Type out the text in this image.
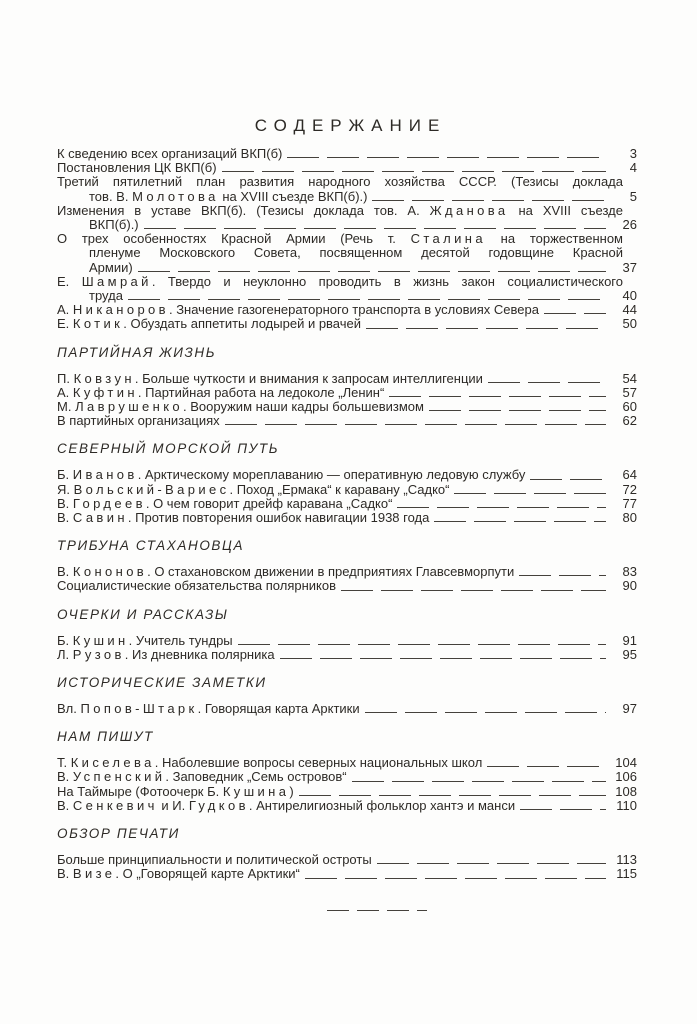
СОДЕРЖАНИЕ
К сведению всех организаций ВКП(б)	3
Постановления ЦК ВКП(б)	4
Третий пятилетний план развития народного хозяйства СССР. (Тезисы доклада
тов. В. Молотова на XVIII съезде ВКП(б).)	5
Изменения в уставе ВКП(б). (Тезисы доклада тов. А. Жданова на XVIII съезде
ВКП(б).)	26
О трех особенностях Красной Армии (Речь т. Сталина на торжественном
пленуме Московского Совета, посвященном десятой годовщине Красной
Армии)	37
Е. Шамрай. Твердо и неуклонно проводить в жизнь закон социалистического
труда	40
А. Никаноров. Значение газогенераторного транспорта в условиях Севера	44
Е. Котик. Обуздать аппетиты лодырей и рвачей	50
ПАРТИЙНАЯ ЖИЗНЬ
П. Ковзун. Больше чуткости и внимания к запросам интеллигенции	54
А. Куфтин. Партийная работа на ледоколе „Ленин“	57
М. Лаврушенко. Вооружим наши кадры большевизмом	60
В партийных организациях	62
СЕВЕРНЫЙ МОРСКОЙ ПУТЬ
Б. Иванов. Арктическому мореплаванию — оперативную ледовую службу	64
Я. Вольский-Вариес. Поход „Ермака“ к каравану „Садко“	72
В. Гордеев. О чем говорит дрейф каравана „Садко“	77
В. Савин. Против повторения ошибок навигации 1938 года	80
ТРИБУНА СТАХАНОВЦА
В. Кононов. О стахановском движении в предприятиях Главсевморпути	83
Социалистические обязательства полярников	90
ОЧЕРКИ И РАССКАЗЫ
Б. Кушин. Учитель тундры	91
Л. Рузов. Из дневника полярника	95
ИСТОРИЧЕСКИЕ ЗАМЕТКИ
Вл. Попов-Штарк. Говорящая карта Арктики	97
НАМ ПИШУТ
Т. Киселева. Наболевшие вопросы северных национальных школ	104
В. Успенский. Заповедник „Семь островов“	106
На Таймыре (Фотоочерк Б. Кушина)	108
В. Сенкевич и И. Гудков. Антирелигиозный фольклор хантэ и манси	110
ОБЗОР ПЕЧАТИ
Больше принципиальности и политической остроты	113
В. Визе. О „Говорящей карте Арктики“	115
